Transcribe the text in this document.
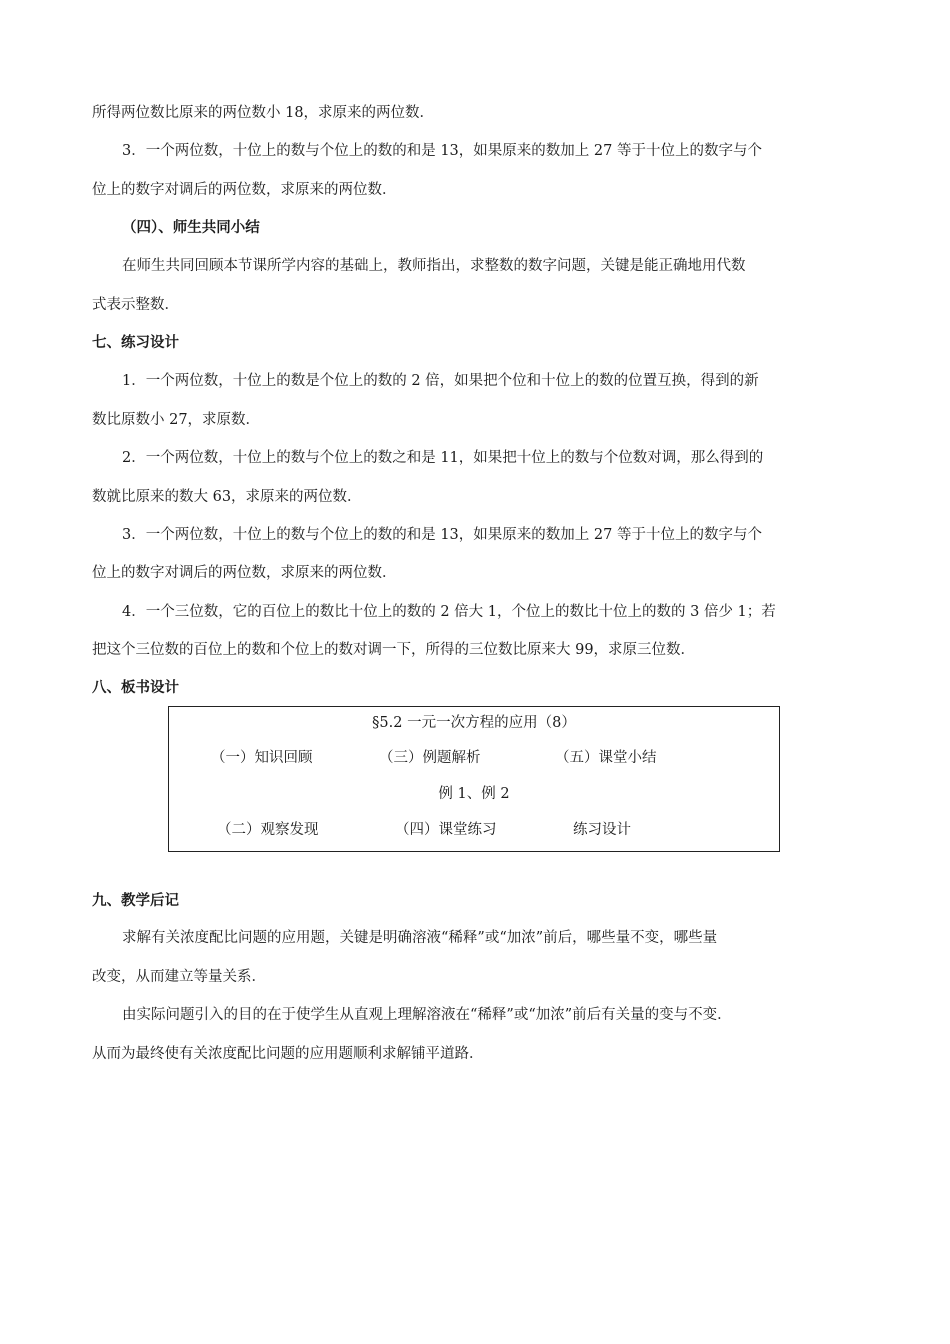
所得两位数比原来的两位数小 18，求原来的两位数．
3．一个两位数，十位上的数与个位上的数的和是 13，如果原来的数加上 27 等于十位上的数字与个
位上的数字对调后的两位数，求原来的两位数．
（四）、师生共同小结
在师生共同回顾本节课所学内容的基础上，教师指出，求整数的数字问题，关键是能正确地用代数
式表示整数．
七、练习设计
1．一个两位数，十位上的数是个位上的数的 2 倍，如果把个位和十位上的数的位置互换，得到的新
数比原数小 27，求原数．
2．一个两位数，十位上的数与个位上的数之和是 11，如果把十位上的数与个位数对调，那么得到的
数就比原来的数大 63，求原来的两位数．
3．一个两位数，十位上的数与个位上的数的和是 13，如果原来的数加上 27 等于十位上的数字与个
位上的数字对调后的两位数，求原来的两位数．
4．一个三位数，它的百位上的数比十位上的数的 2 倍大 1，个位上的数比十位上的数的 3 倍少 1；若
把这个三位数的百位上的数和个位上的数对调一下，所得的三位数比原来大 99，求原三位数．
八、板书设计
§5.2 一元一次方程的应用（8）
（一）知识回顾	（三）例题解析	（五）课堂小结
例 1、例 2
（二）观察发现	（四）课堂练习	练习设计
九、教学后记
求解有关浓度配比问题的应用题，关键是明确溶液“稀释”或“加浓”前后，哪些量不变，哪些量
改变，从而建立等量关系．
由实际问题引入的目的在于使学生从直观上理解溶液在“稀释”或“加浓”前后有关量的变与不变．
从而为最终使有关浓度配比问题的应用题顺利求解铺平道路．
